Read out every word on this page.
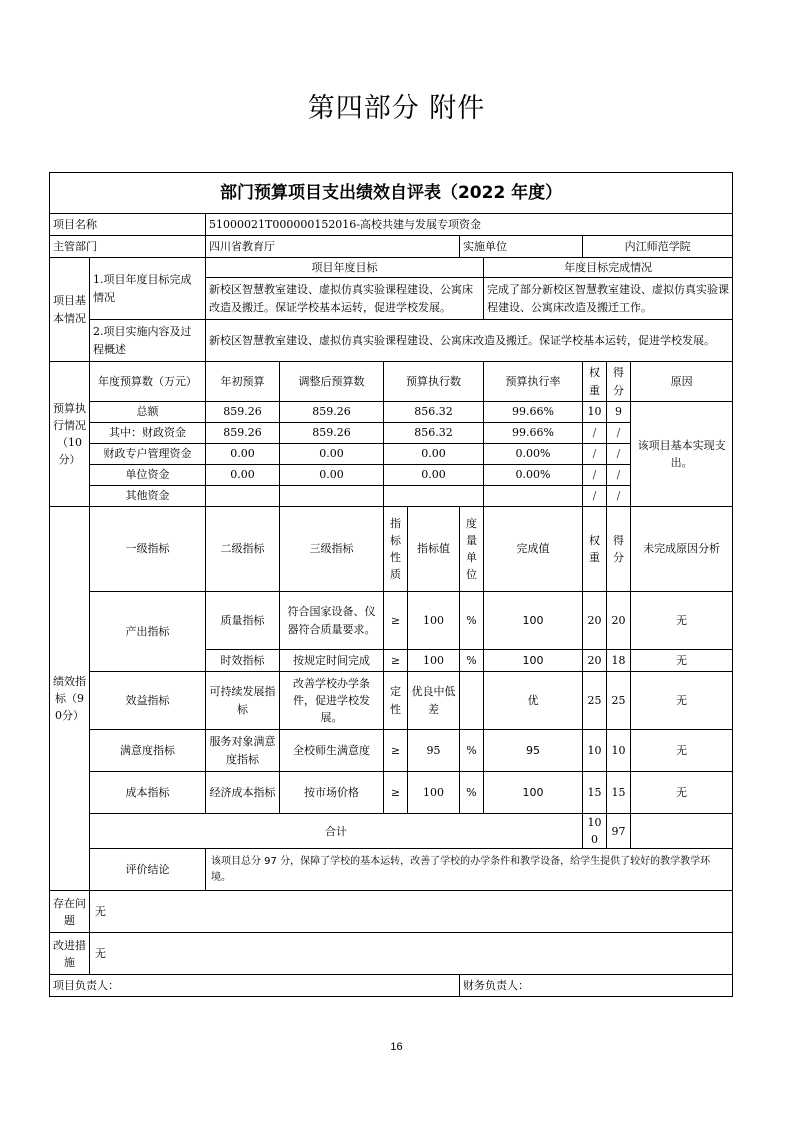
第四部分 附件
部门预算项目支出绩效自评表（2022 年度）										
项目名称		51000021T000000152016-高校共建与发展专项资金								
主管部门		四川省教育厅				实施单位		内江师范学院		
项目基本情况	1.项目年度目标完成情况	项目年度目标					年度目标完成情况			
		新校区智慧教室建设、虚拟仿真实验课程建设、公寓床改造及搬迁。保证学校基本运转，促进学校发展。					完成了部分新校区智慧教室建设、虚拟仿真实验课程建设、公寓床改造及搬迁工作。			
	2.项目实施内容及过程概述	新校区智慧教室建设、虚拟仿真实验课程建设、公寓床改造及搬迁。保证学校基本运转，促进学校发展。								
预算执行情况（10分）	年度预算数（万元）	年初预算	调整后预算数	预算执行数			预算执行率	权重	得分	原因
	总额	859.26	859.26	856.32			99.66%	10	9	该项目基本实现支出。
	其中：财政资金	859.26	859.26	856.32			99.66%	/	/	
	财政专户管理资金	0.00	0.00	0.00			0.00%	/	/	
	单位资金	0.00	0.00	0.00			0.00%	/	/	
	其他资金							/	/	
绩效指标（90分）	一级指标	二级指标	三级指标	指标性质	指标值	度量单位	完成值	权重	得分	未完成原因分析
	产出指标	质量指标	符合国家设备、仪器符合质量要求。	≥	100	%	100	20	20	无
		时效指标	按规定时间完成	≥	100	%	100	20	18	无
	效益指标	可持续发展指标	改善学校办学条件，促进学校发展。	定性	优良中低差		优	25	25	无
	满意度指标	服务对象满意度指标	全校师生满意度	≥	95	%	95	10	10	无
	成本指标	经济成本指标	按市场价格	≥	100	%	100	15	15	无
	合计							100	97	
	评价结论	该项目总分 97 分，保障了学校的基本运转，改善了学校的办学条件和教学设备，给学生提供了较好的教学教学环境。								
存在问题	无									
改进措施	无									
项目负责人：						财务负责人：				
16
